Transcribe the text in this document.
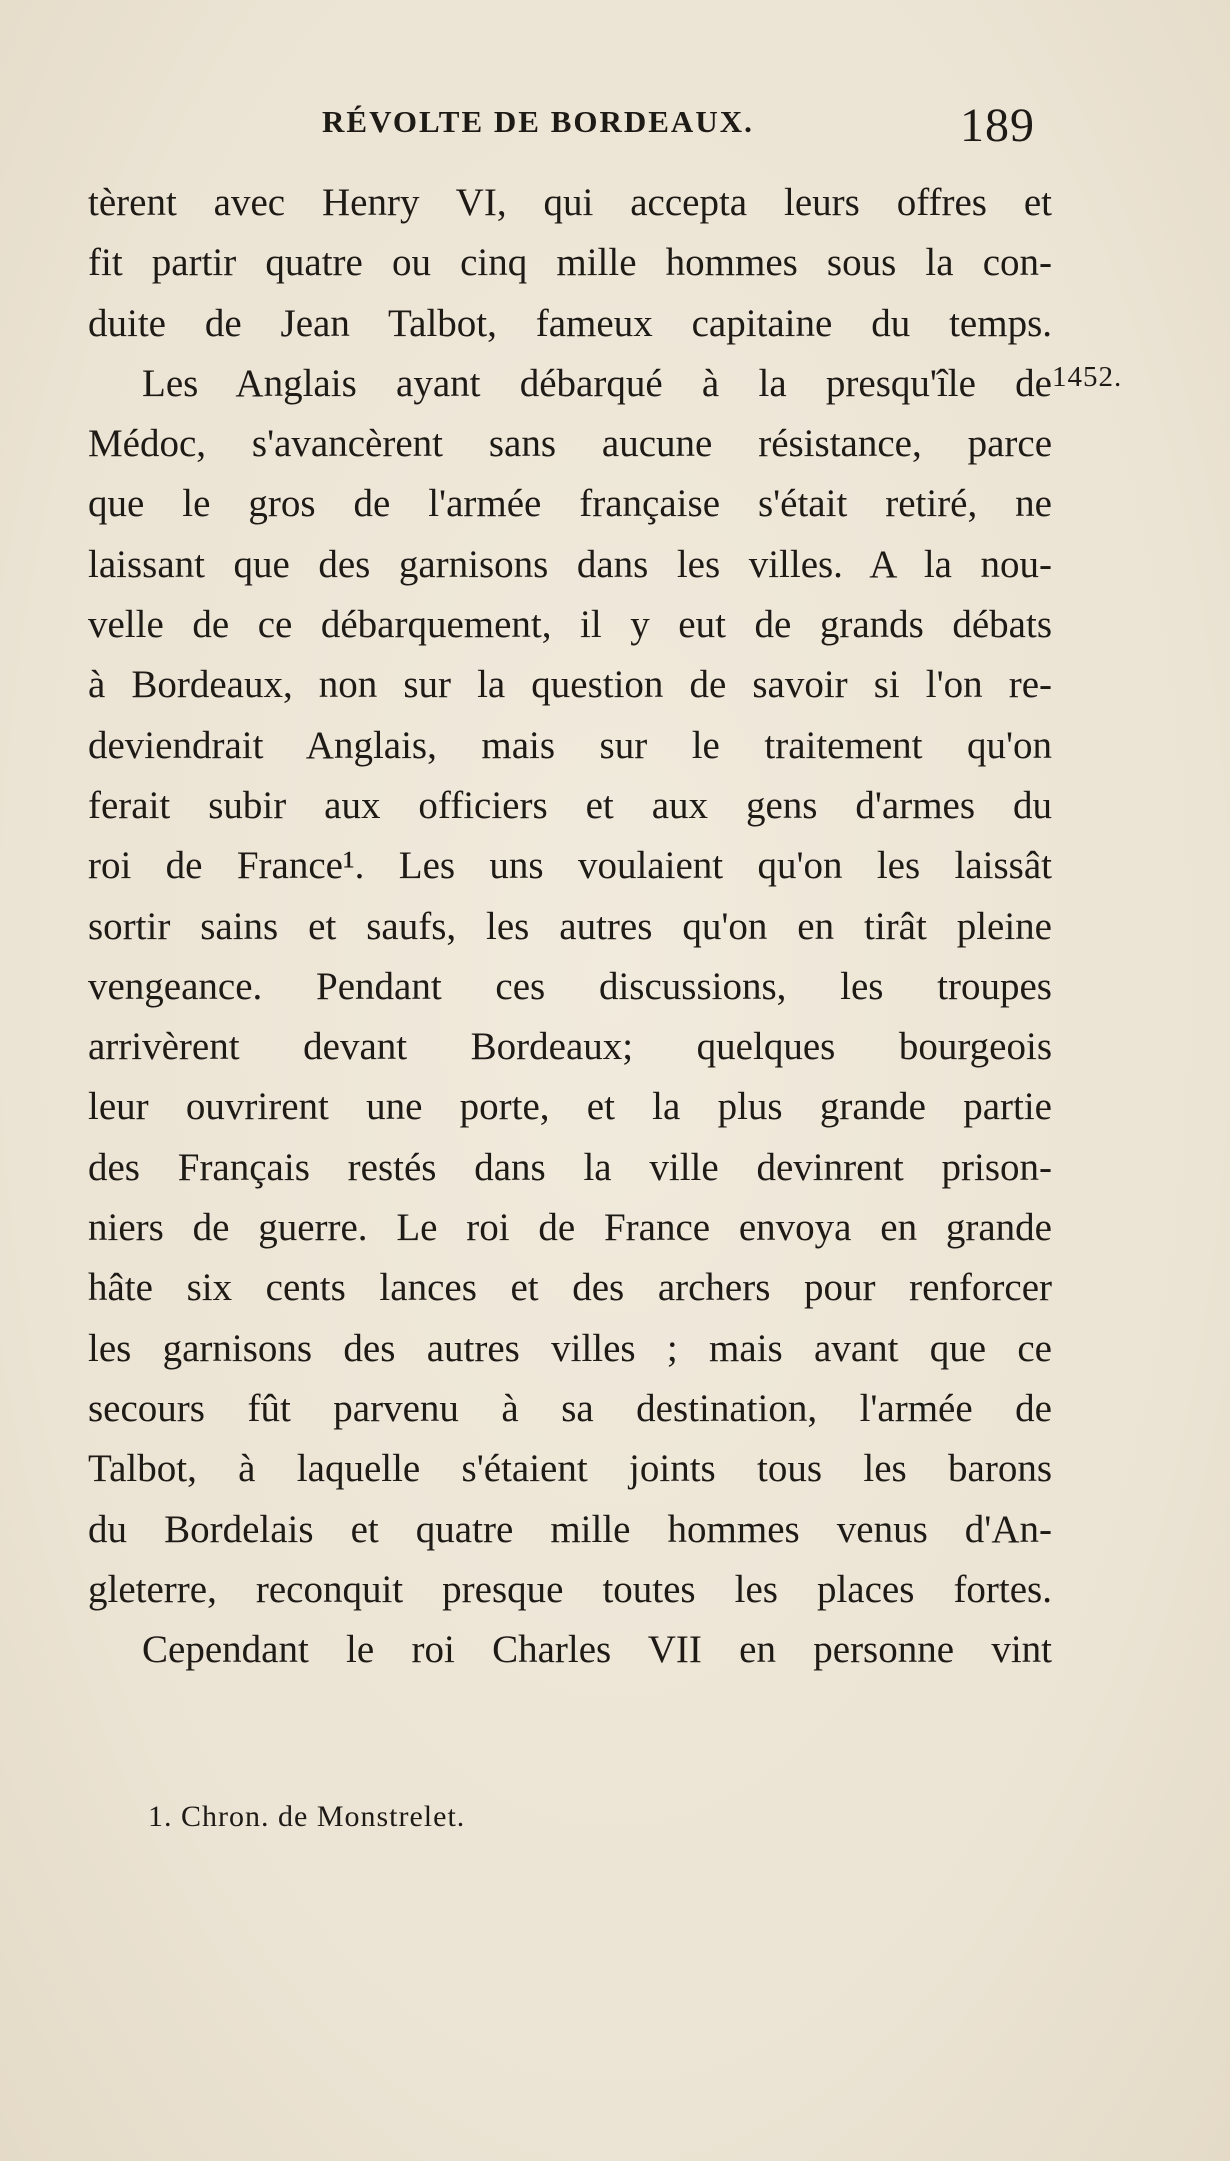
RÉVOLTE DE BORDEAUX.	189
1452.
tèrent avec Henry VI, qui accepta leurs offres et
fit partir quatre ou cinq mille hommes sous la con-
duite de Jean Talbot, fameux capitaine du temps.
Les Anglais ayant débarqué à la presqu'île de
Médoc, s'avancèrent sans aucune résistance, parce
que le gros de l'armée française s'était retiré, ne
laissant que des garnisons dans les villes. A la nou-
velle de ce débarquement, il y eut de grands débats
à Bordeaux, non sur la question de savoir si l'on re-
deviendrait Anglais, mais sur le traitement qu'on
ferait subir aux officiers et aux gens d'armes du
roi de France¹. Les uns voulaient qu'on les laissât
sortir sains et saufs, les autres qu'on en tirât pleine
vengeance. Pendant ces discussions, les troupes
arrivèrent devant Bordeaux; quelques bourgeois
leur ouvrirent une porte, et la plus grande partie
des Français restés dans la ville devinrent prison-
niers de guerre. Le roi de France envoya en grande
hâte six cents lances et des archers pour renforcer
les garnisons des autres villes ; mais avant que ce
secours fût parvenu à sa destination, l'armée de
Talbot, à laquelle s'étaient joints tous les barons
du Bordelais et quatre mille hommes venus d'An-
gleterre, reconquit presque toutes les places fortes.
Cependant le roi Charles VII en personne vint
1. Chron. de Monstrelet.
